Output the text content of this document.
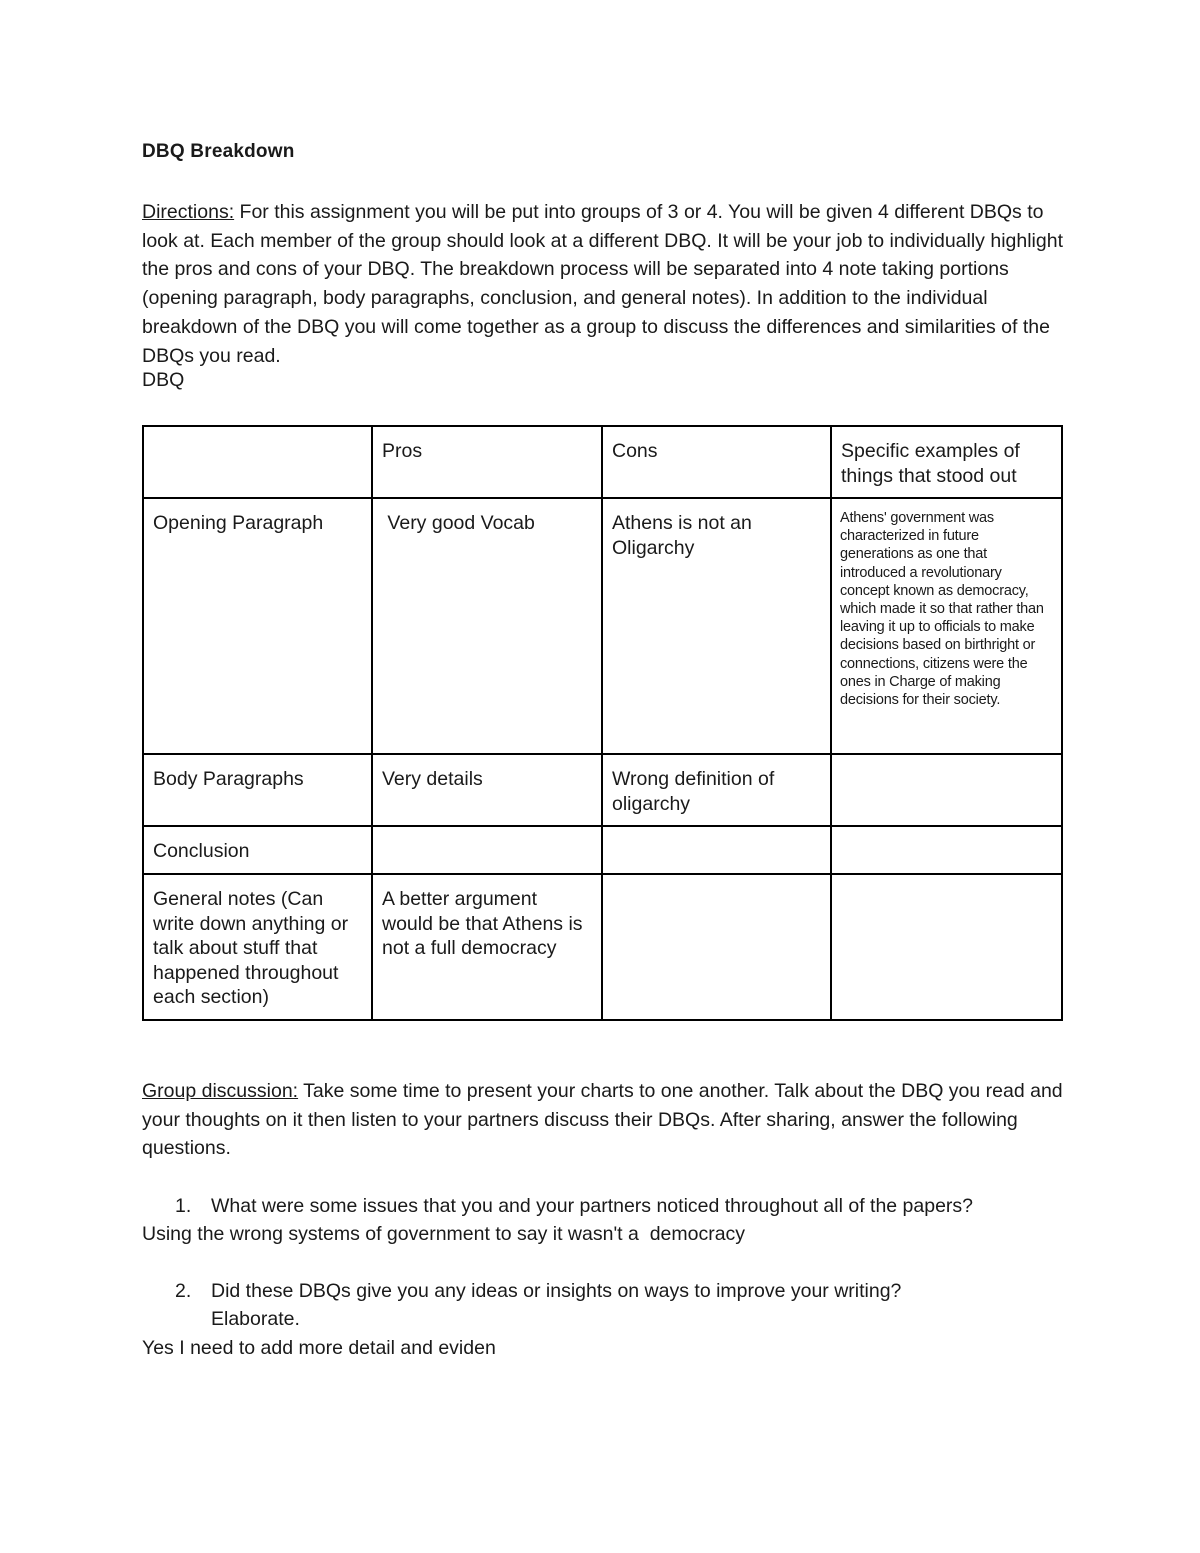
DBQ Breakdown
Directions: For this assignment you will be put into groups of 3 or 4. You will be given 4 different DBQs to look at. Each member of the group should look at a different DBQ. It will be your job to individually highlight the pros and cons of your DBQ. The breakdown process will be separated into 4 note taking portions (opening paragraph, body paragraphs, conclusion, and general notes). In addition to the individual breakdown of the DBQ you will come together as a group to discuss the differences and similarities of the DBQs you read.
DBQ
	Pros	Cons	Specific examples of things that stood out
Opening Paragraph	Very good Vocab	Athens is not an Oligarchy	Athens' government was characterized in future generations as one that introduced a revolutionary concept known as democracy, which made it so that rather than leaving it up to officials to make decisions based on birthright or connections, citizens were the ones in Charge of making decisions for their society.

Body Paragraphs	Very details	Wrong definition of oligarchy	
Conclusion			
General notes (Can write down anything or talk about stuff that happened throughout each section)	A better argument would be that Athens is not a full democracy		
Group discussion: Take some time to present your charts to one another. Talk about the DBQ you read and your thoughts on it then listen to your partners discuss their DBQs. After sharing, answer the following questions.
1. What were some issues that you and your partners noticed throughout all of the papers?
Using the wrong systems of government to say it wasn't a  democracy
2. Did these DBQs give you any ideas or insights on ways to improve your writing?
Elaborate.
Yes I need to add more detail and eviden
